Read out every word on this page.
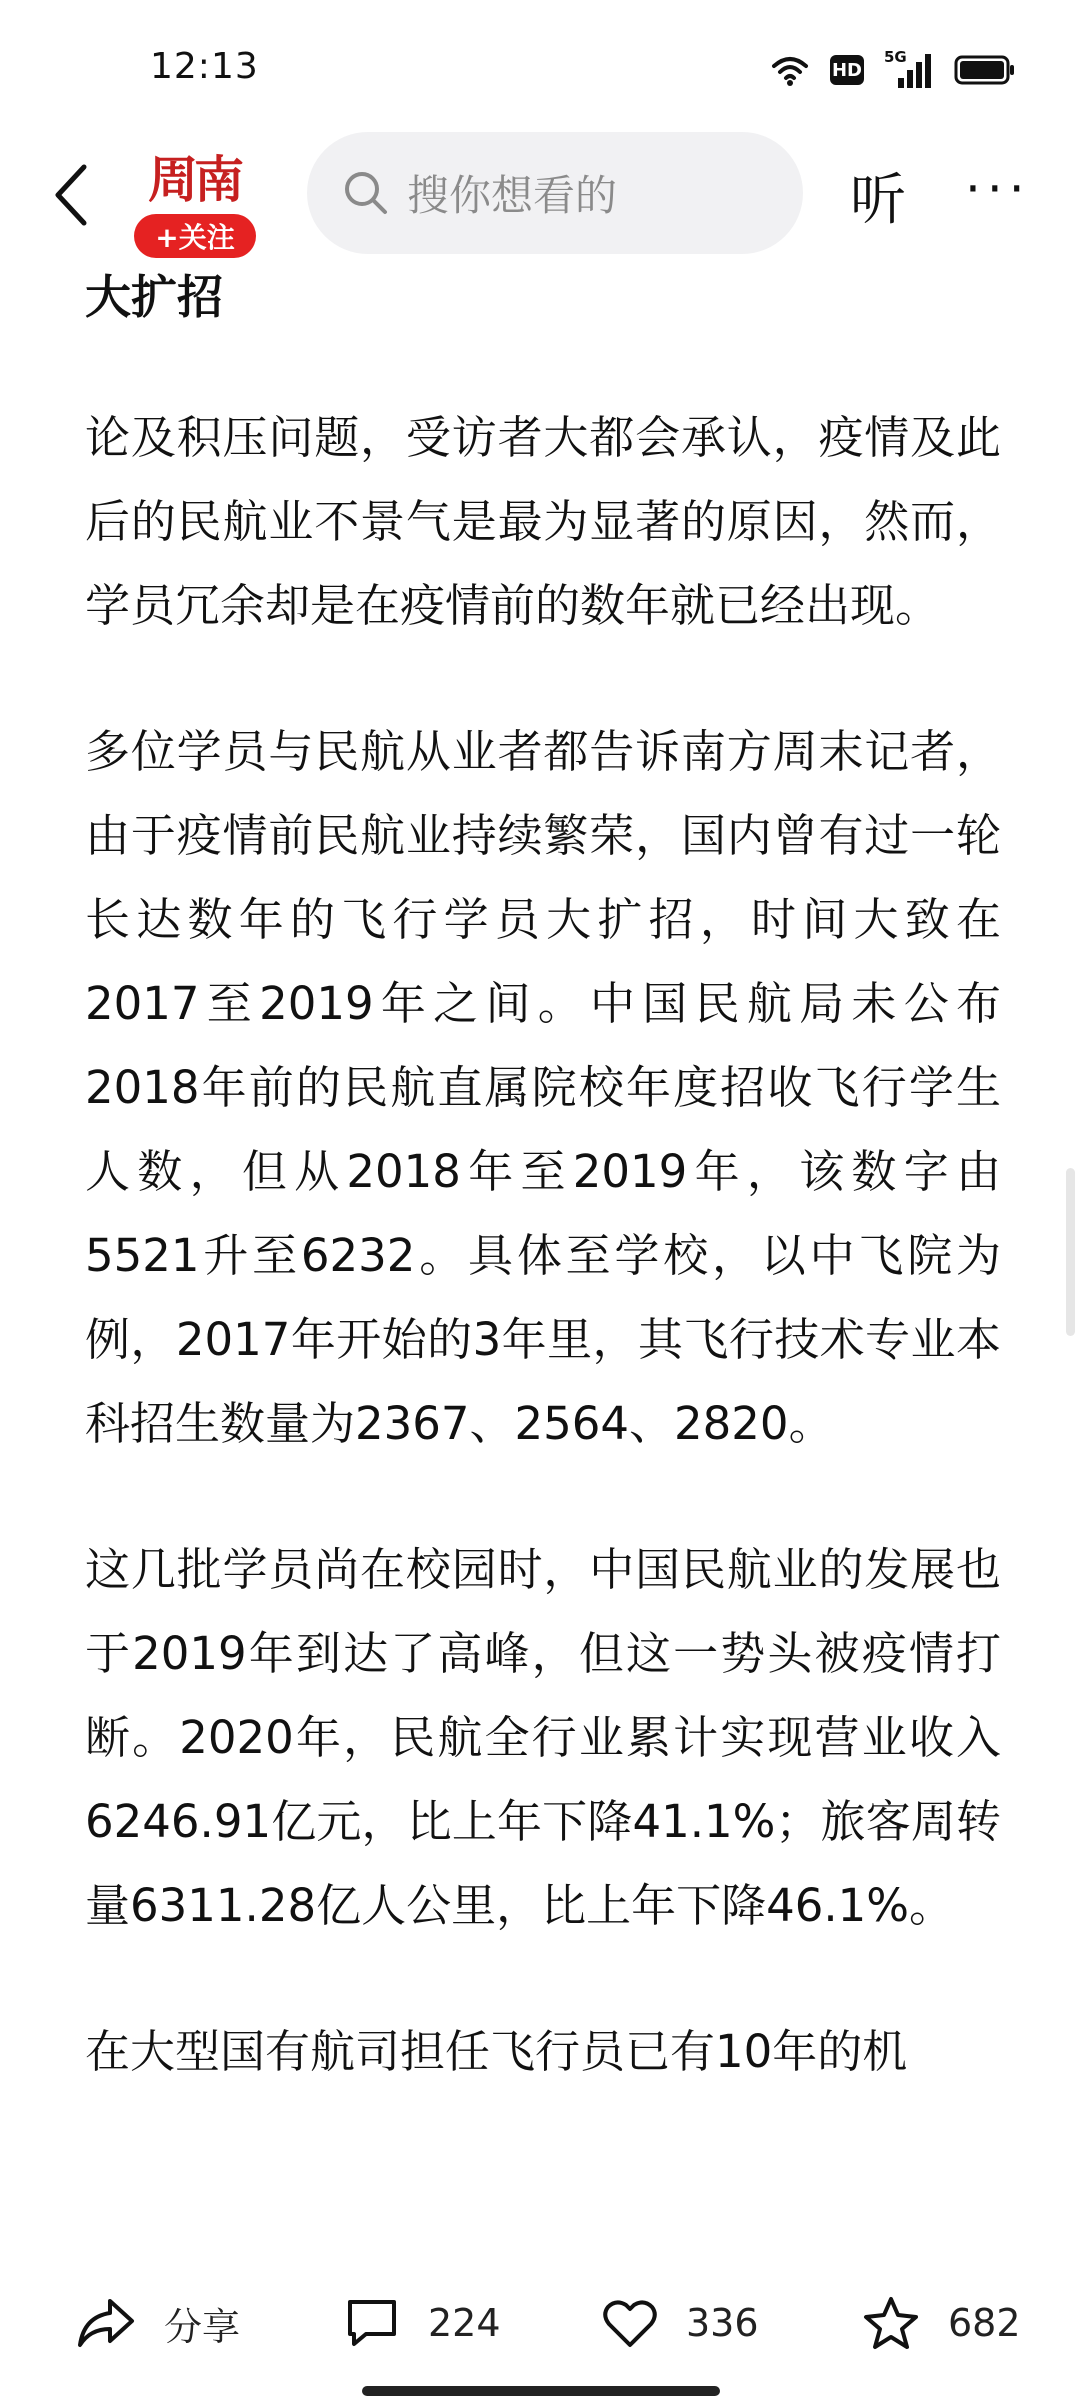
12:13	HD
5G
周南
+关注
搜你想看的	听 ···
大扩招

论及积压问题，受访者大都会承认，疫情及此后的民航业不景气是最为显著的原因，然而，学员冗余却是在疫情前的数年就已经出现。

多位学员与民航从业者都告诉南方周末记者，由于疫情前民航业持续繁荣，国内曾有过一轮长达数年的飞行学员大扩招，时间大致在2017至2019年之间。中国民航局未公布2018年前的民航直属院校年度招收飞行学生人数，但从2018年至2019年，该数字由5521升至6232。具体至学校，以中飞院为例，2017年开始的3年里，其飞行技术专业本科招生数量为2367、2564、2820。

这几批学员尚在校园时，中国民航业的发展也于2019年到达了高峰，但这一势头被疫情打断。2020年，民航全行业累计实现营业收入6246.91亿元，比上年下降41.1%；旅客周转量6311.28亿人公里，比上年下降46.1%。

在大型国有航司担任飞行员已有10年的机

分享	224	336	682
